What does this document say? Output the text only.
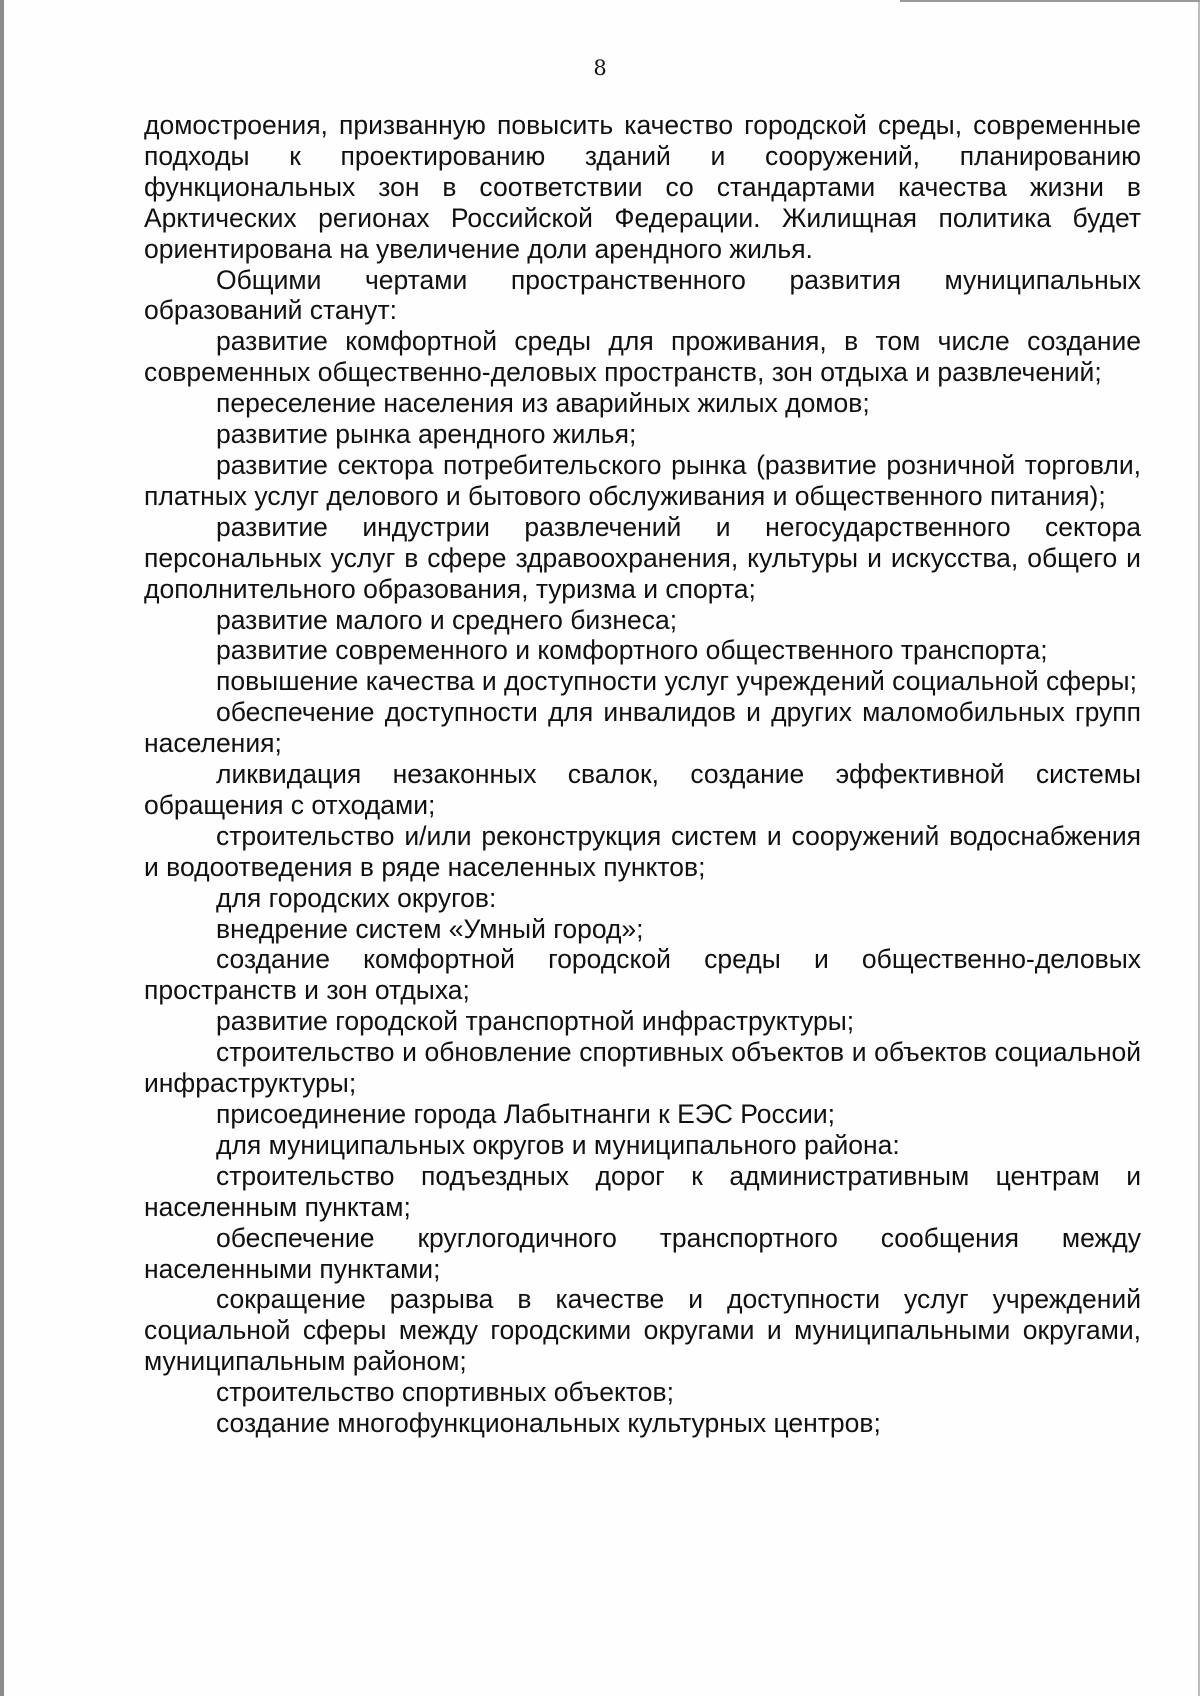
8

домостроения, призванную повысить качество городской среды, современные подходы к проектированию зданий и сооружений, планированию функциональных зон в соответствии со стандартами качества жизни в Арктических регионах Российской Федерации. Жилищная политика будет ориентирована на увеличение доли арендного жилья.

Общими чертами пространственного развития муниципальных образований станут:

развитие комфортной среды для проживания, в том числе создание современных общественно-деловых пространств, зон отдыха и развлечений;

переселение населения из аварийных жилых домов;

развитие рынка арендного жилья;

развитие сектора потребительского рынка (развитие розничной торговли, платных услуг делового и бытового обслуживания и общественного питания);

развитие индустрии развлечений и негосударственного сектора персональных услуг в сфере здравоохранения, культуры и искусства, общего и дополнительного образования, туризма и спорта;

развитие малого и среднего бизнеса;

развитие современного и комфортного общественного транспорта;

повышение качества и доступности услуг учреждений социальной сферы;

обеспечение доступности для инвалидов и других маломобильных групп населения;

ликвидация незаконных свалок, создание эффективной системы обращения с отходами;

строительство и/или реконструкция систем и сооружений водоснабжения и водоотведения в ряде населенных пунктов;

для городских округов:

внедрение систем «Умный город»;

создание комфортной городской среды и общественно-деловых пространств и зон отдыха;

развитие городской транспортной инфраструктуры;

строительство и обновление спортивных объектов и объектов социальной инфраструктуры;

присоединение города Лабытнанги к ЕЭС России;

для муниципальных округов и муниципального района:

строительство подъездных дорог к административным центрам и населенным пунктам;

обеспечение круглогодичного транспортного сообщения между населенными пунктами;

сокращение разрыва в качестве и доступности услуг учреждений социальной сферы между городскими округами и муниципальными округами, муниципальным районом;

строительство спортивных объектов;

создание многофункциональных культурных центров;
